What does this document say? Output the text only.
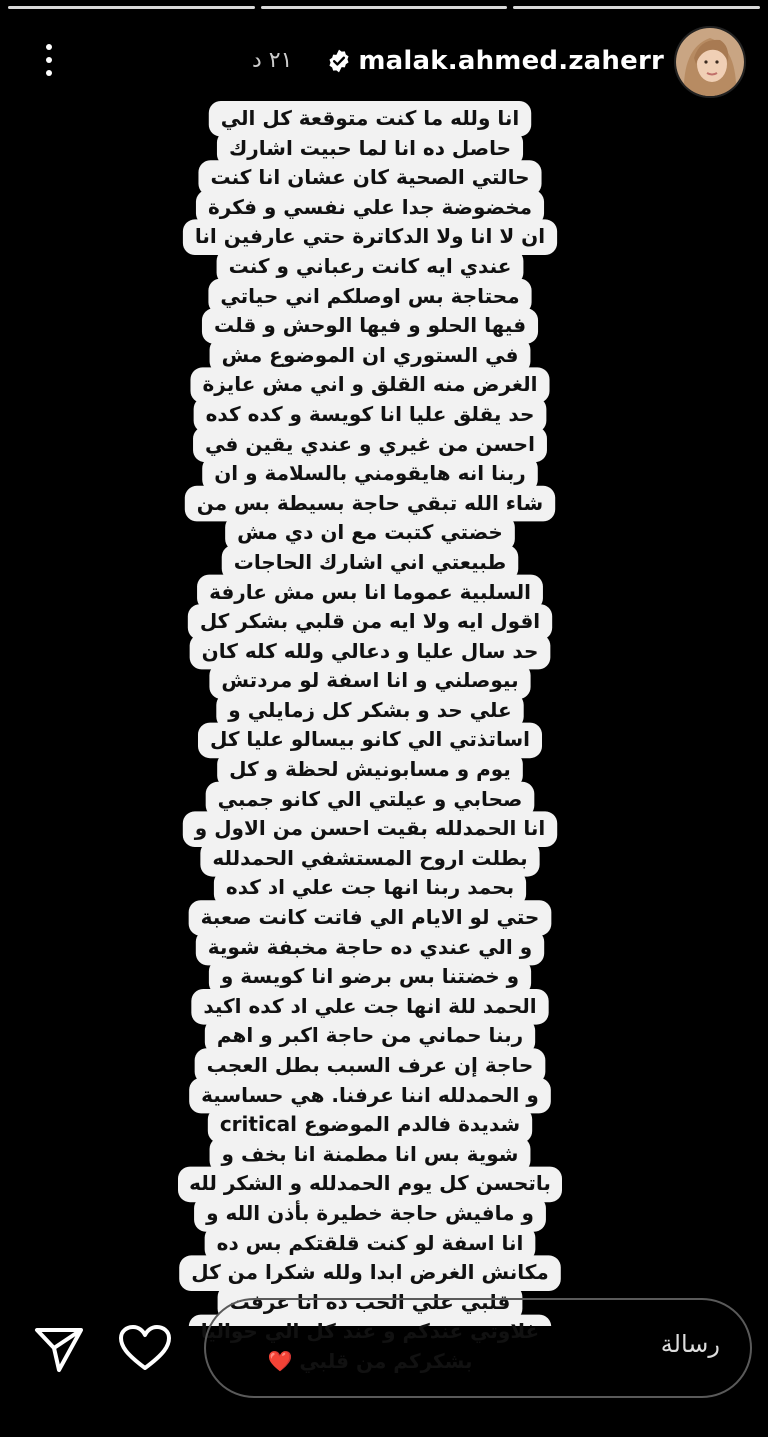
٢١ د	malak.ahmed.zaherr
انا ولله ما كنت متوقعة كل الي
حاصل ده انا لما حبيت اشارك
حالتي الصحية كان عشان انا كنت
مخضوضة جدا علي نفسي و فكرة
ان لا انا ولا الدكاترة حتي عارفين انا
عندي ايه كانت رعباني و كنت
محتاجة بس اوصلكم اني حياتي
فيها الحلو و فيها الوحش و قلت
في الستوري ان الموضوع مش
الغرض منه القلق و اني مش عايزة
حد يقلق عليا انا كويسة و كده كده
احسن من غيري و عندي يقين في
ربنا انه هايقومني بالسلامة و ان
شاء الله تبقي حاجة بسيطة بس من
خضتي كتبت مع ان دي مش
طبيعتي اني اشارك الحاجات
السلبية عموما انا بس مش عارفة
اقول ايه ولا ايه من قلبي بشكر كل
حد سال عليا و دعالي ولله كله كان
بيوصلني و انا اسفة لو مردتش
علي حد و بشكر كل زمايلي و
اساتذتي الي كانو بيسالو عليا كل
يوم و مسابونيش لحظة و كل
صحابي و عيلتي الي كانو جمبي
انا الحمدلله بقيت احسن من الاول و
بطلت اروح المستشفي الحمدلله
بحمد ربنا انها جت علي اد كده
حتي لو الايام الي فاتت كانت صعبة
و الي عندي ده حاجة مخبفة شوية
و خضتنا بس برضو انا كويسة و
الحمد للة انها جت علي اد كده اكيد
ربنا حماني من حاجة اكبر و اهم
حاجة إن عرف السبب بطل العجب
و الحمدلله اننا عرفنا. هي حساسية
شديدة فالدم الموضوع critical
شوية بس انا مطمنة انا بخف و
باتحسن كل يوم الحمدلله و الشكر لله
و مافيش حاجة خطيرة بأذن الله و
انا اسفة لو كنت قلقتكم بس ده
مكانش الغرض ابدا ولله شكرا من كل
قلبي علي الحب ده انا عرفت
غلاوتي عندكم و عند كل الي حواليا
بشكركم من قلبي ❤️
رسالة
